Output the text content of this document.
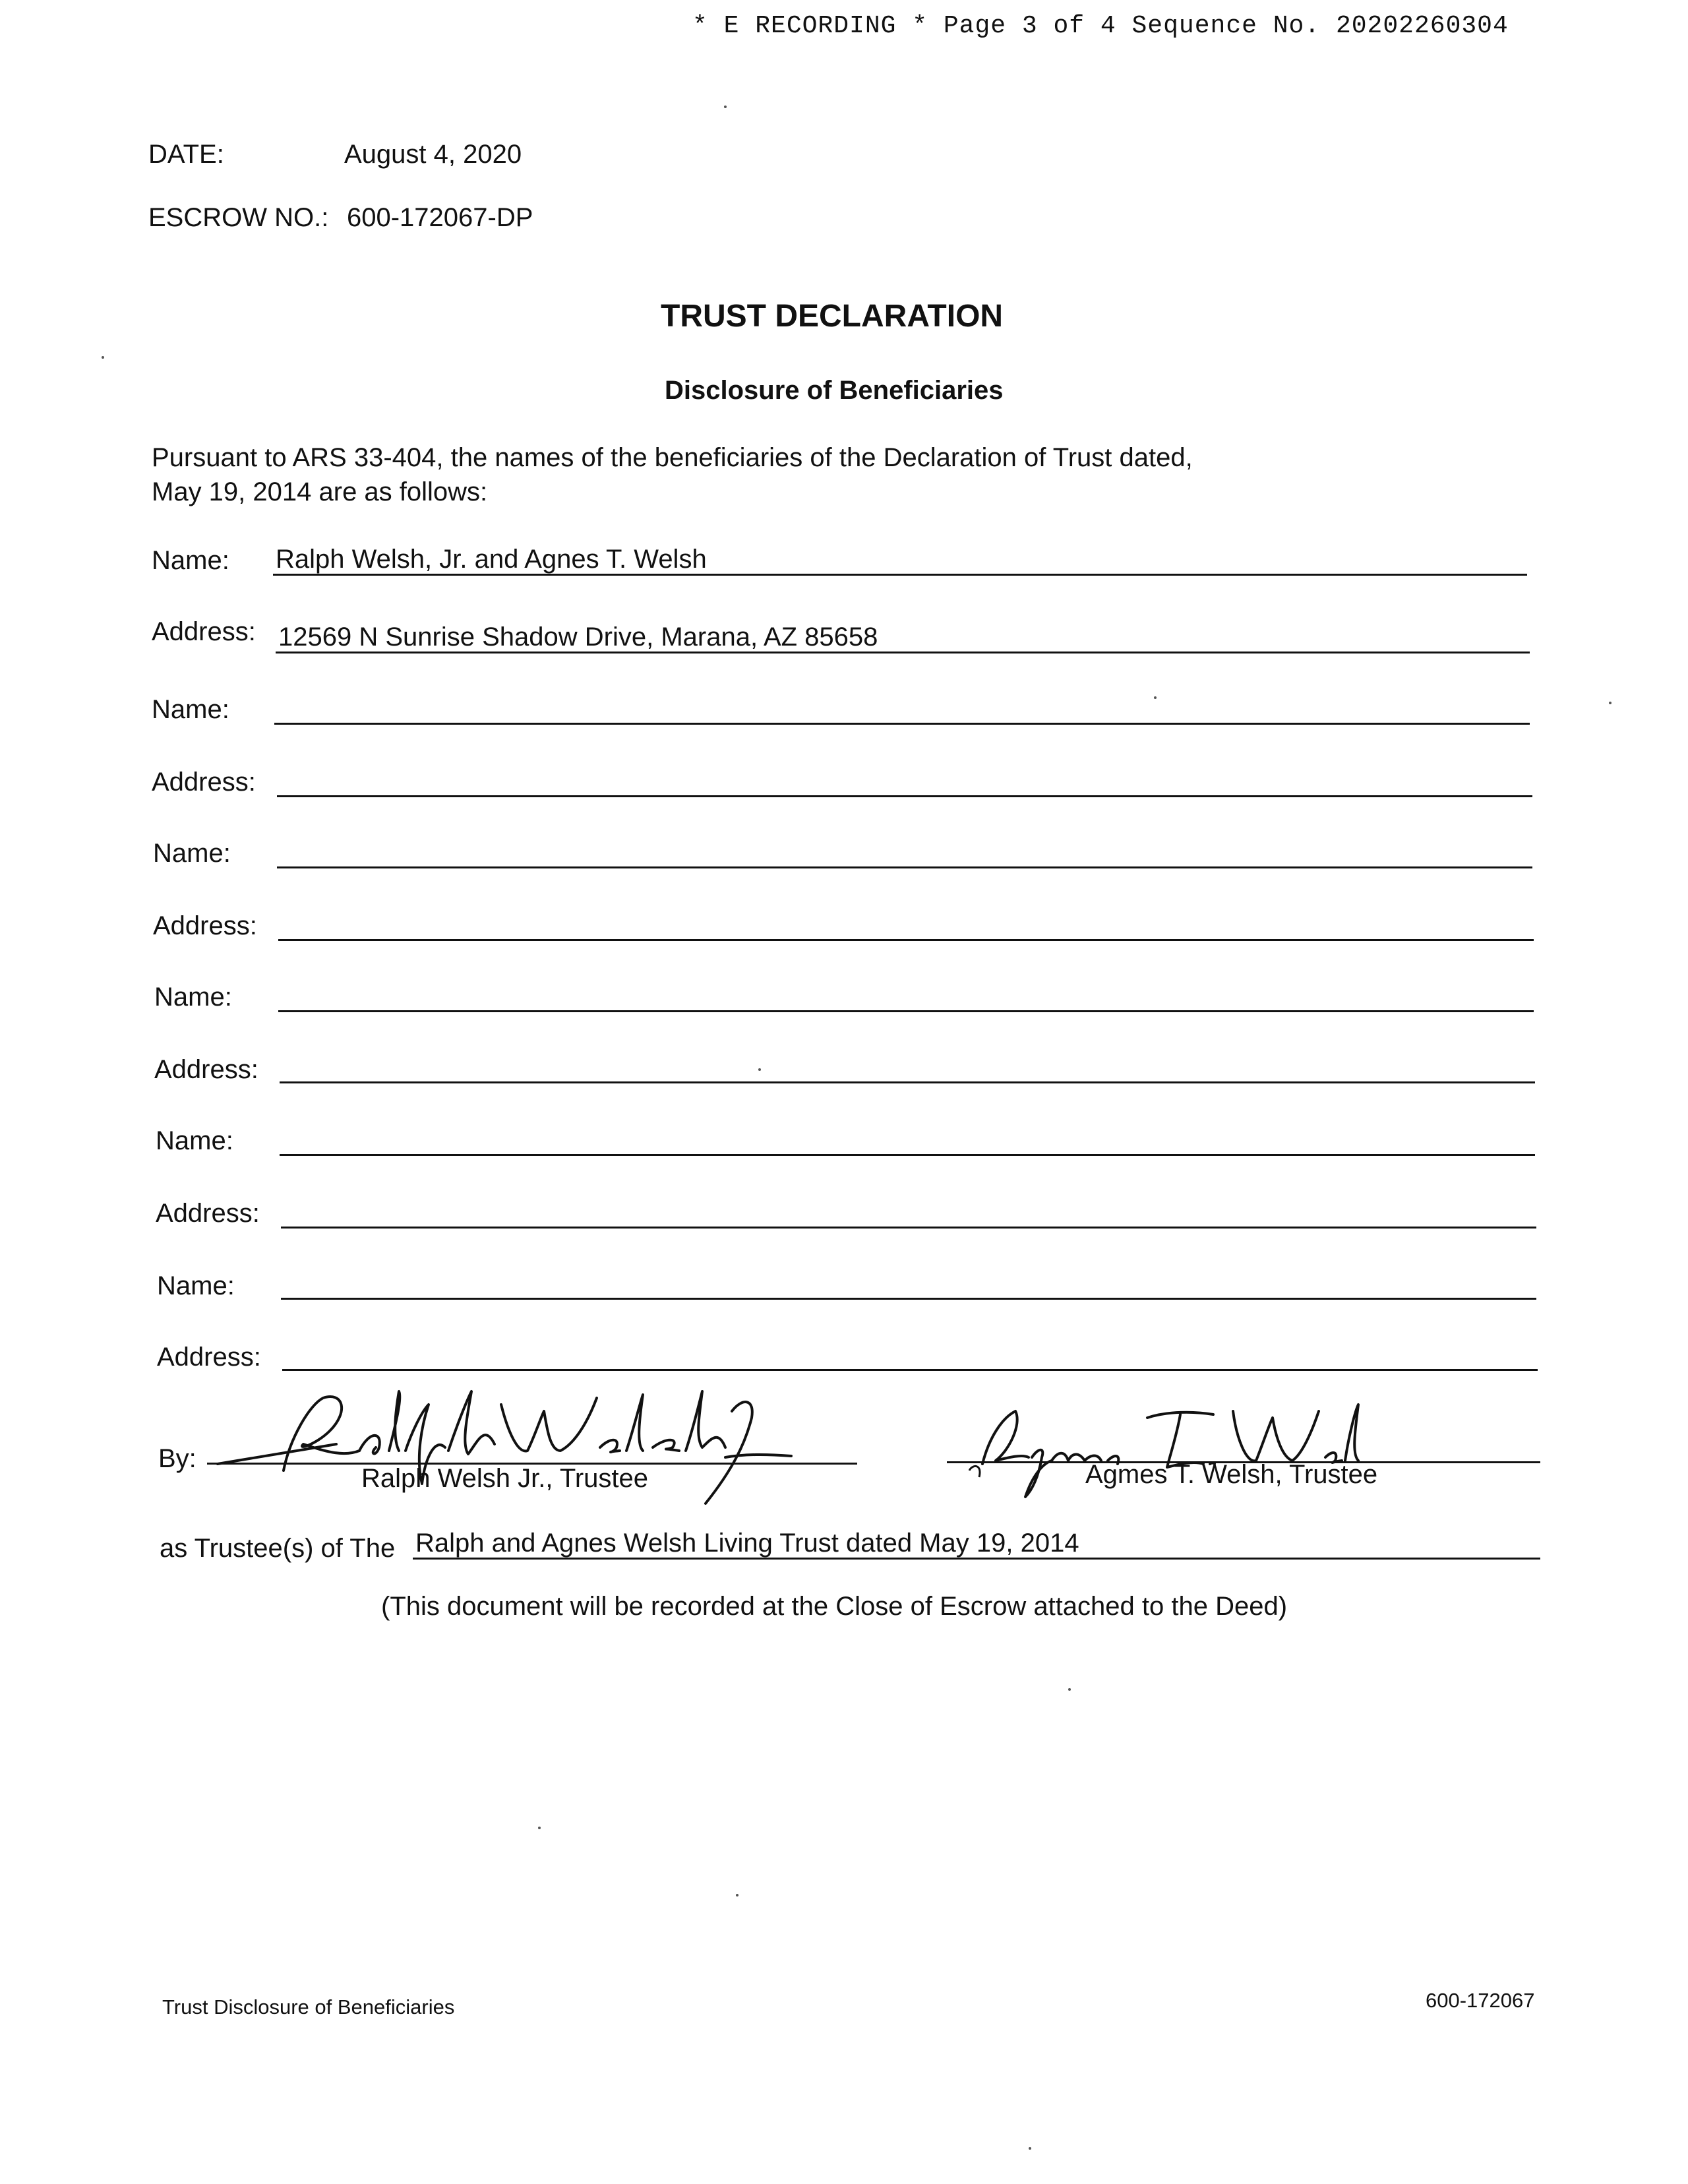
* E RECORDING * Page 3 of 4 Sequence No. 20202260304
DATE:	August 4, 2020
ESCROW NO.: 600-172067-DP
TRUST DECLARATION
Disclosure of Beneficiaries
Pursuant to ARS 33-404, the names of the beneficiaries of the Declaration of Trust dated,
May 19, 2014 are as follows:
Name: Ralph Welsh, Jr. and Agnes T. Welsh
Address: 12569 N Sunrise Shadow Drive, Marana, AZ 85658
Name:
Address:
Name:
Address:
Name:
Address:
Name:
Address:
Name:
Address:
By:
Ralph Welsh Jr., Trustee	Agmes T. Welsh, Trustee
as Trustee(s) of The Ralph and Agnes Welsh Living Trust dated May 19, 2014
(This document will be recorded at the Close of Escrow attached to the Deed)
Trust Disclosure of Beneficiaries	600-172067
